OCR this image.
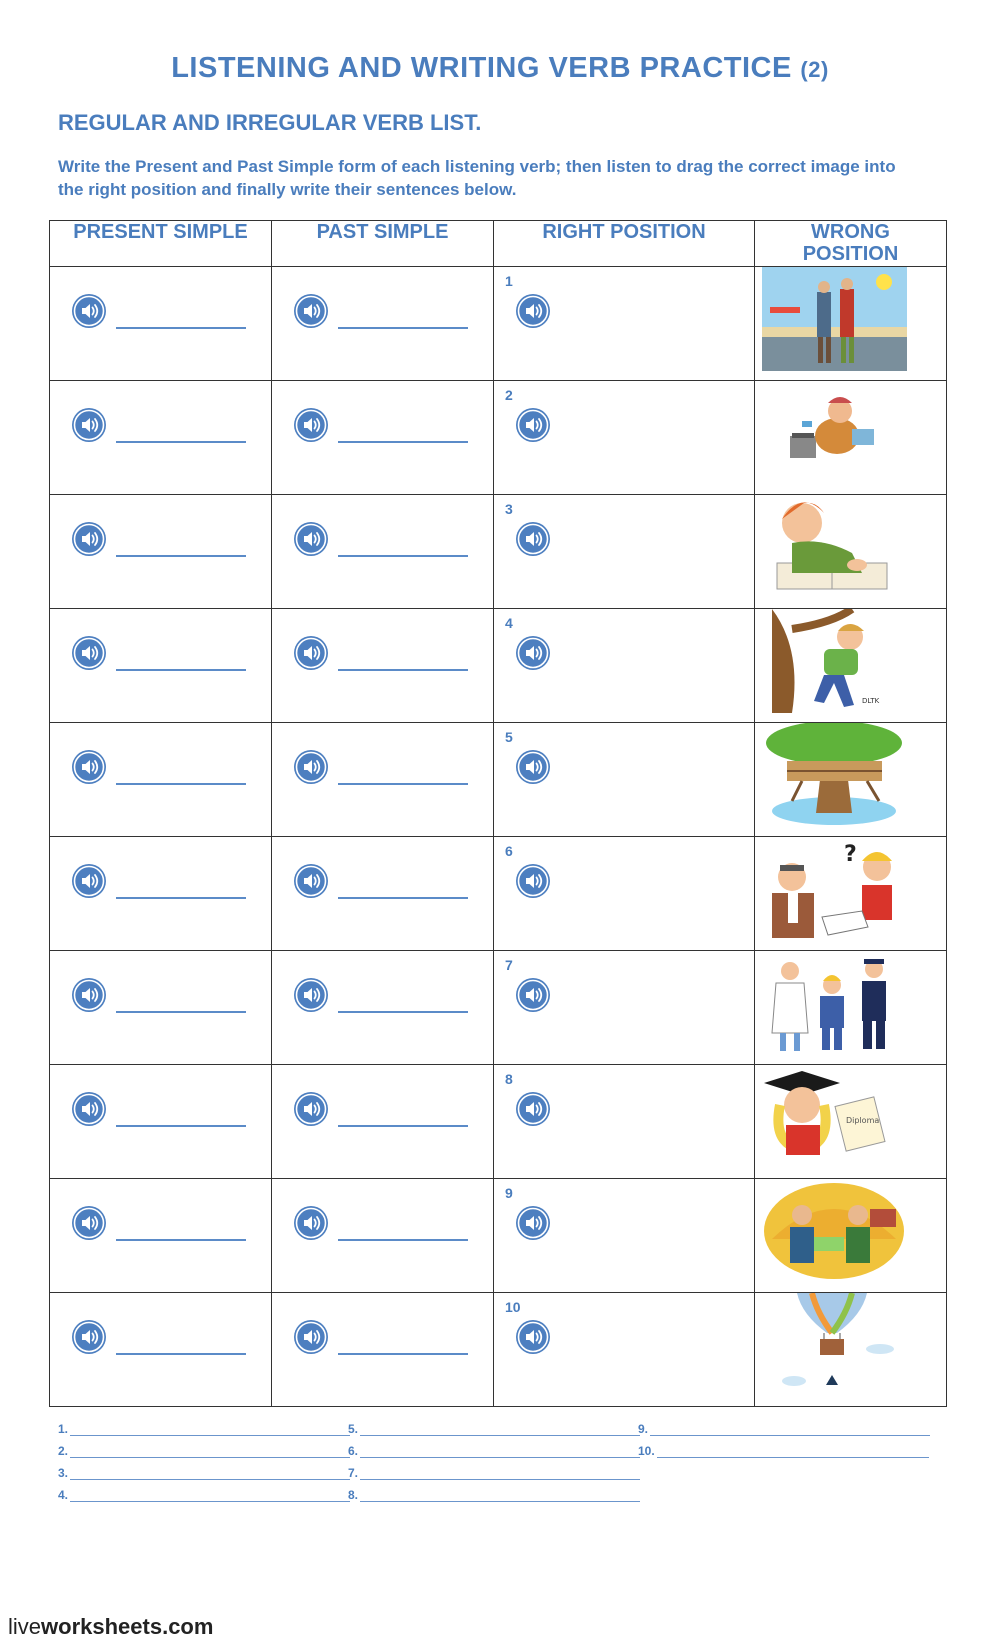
LISTENING AND WRITING VERB PRACTICE (2)
REGULAR AND IRREGULAR VERB LIST.
Write the Present and Past Simple form of each listening verb; then listen to drag the correct image into the right position and finally write their sentences below.
PRESENT SIMPLE	PAST SIMPLE	RIGHT POSITION	WRONG
POSITION

1

2

3

4	DLTK

5

6	?

7

8	Diploma

9

10

1.
2.
3.
4.
5.
6.
7.
8.
9.
10.
liveworksheets.com
